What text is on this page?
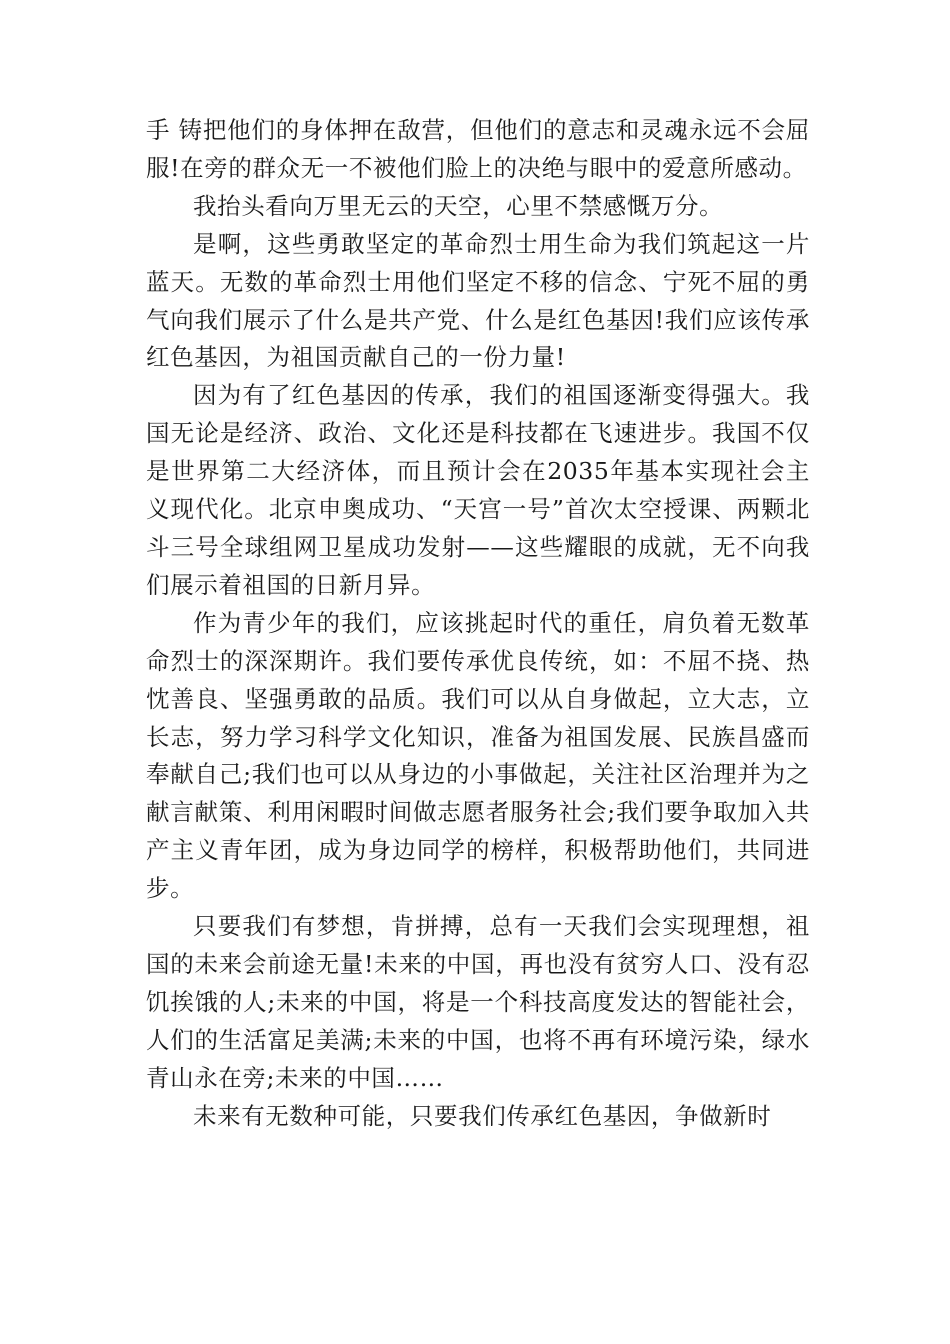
手 铸把他们的身体押在敌营，但他们的意志和灵魂永远不会屈服!在旁的群众无一不被他们脸上的决绝与眼中的爱意所感动。

我抬头看向万里无云的天空，心里不禁感慨万分。

是啊，这些勇敢坚定的革命烈士用生命为我们筑起这一片蓝天。无数的革命烈士用他们坚定不移的信念、宁死不屈的勇气向我们展示了什么是共产党、什么是红色基因!我们应该传承红色基因，为祖国贡献自己的一份力量!

因为有了红色基因的传承，我们的祖国逐渐变得强大。我国无论是经济、政治、文化还是科技都在飞速进步。我国不仅是世界第二大经济体，而且预计会在2035年基本实现社会主义现代化。北京申奥成功、“天宫一号”首次太空授课、两颗北斗三号全球组网卫星成功发射——这些耀眼的成就，无不向我们展示着祖国的日新月异。

作为青少年的我们，应该挑起时代的重任，肩负着无数革命烈士的深深期许。我们要传承优良传统，如：不屈不挠、热忱善良、坚强勇敢的品质。我们可以从自身做起，立大志，立长志，努力学习科学文化知识，准备为祖国发展、民族昌盛而奉献自己;我们也可以从身边的小事做起，关注社区治理并为之献言献策、利用闲暇时间做志愿者服务社会;我们要争取加入共产主义青年团，成为身边同学的榜样，积极帮助他们，共同进步。

只要我们有梦想，肯拼搏，总有一天我们会实现理想，祖国的未来会前途无量!未来的中国，再也没有贫穷人口、没有忍饥挨饿的人;未来的中国，将是一个科技高度发达的智能社会，人们的生活富足美满;未来的中国，也将不再有环境污染，绿水青山永在旁;未来的中国……

未来有无数种可能，只要我们传承红色基因，争做新时
